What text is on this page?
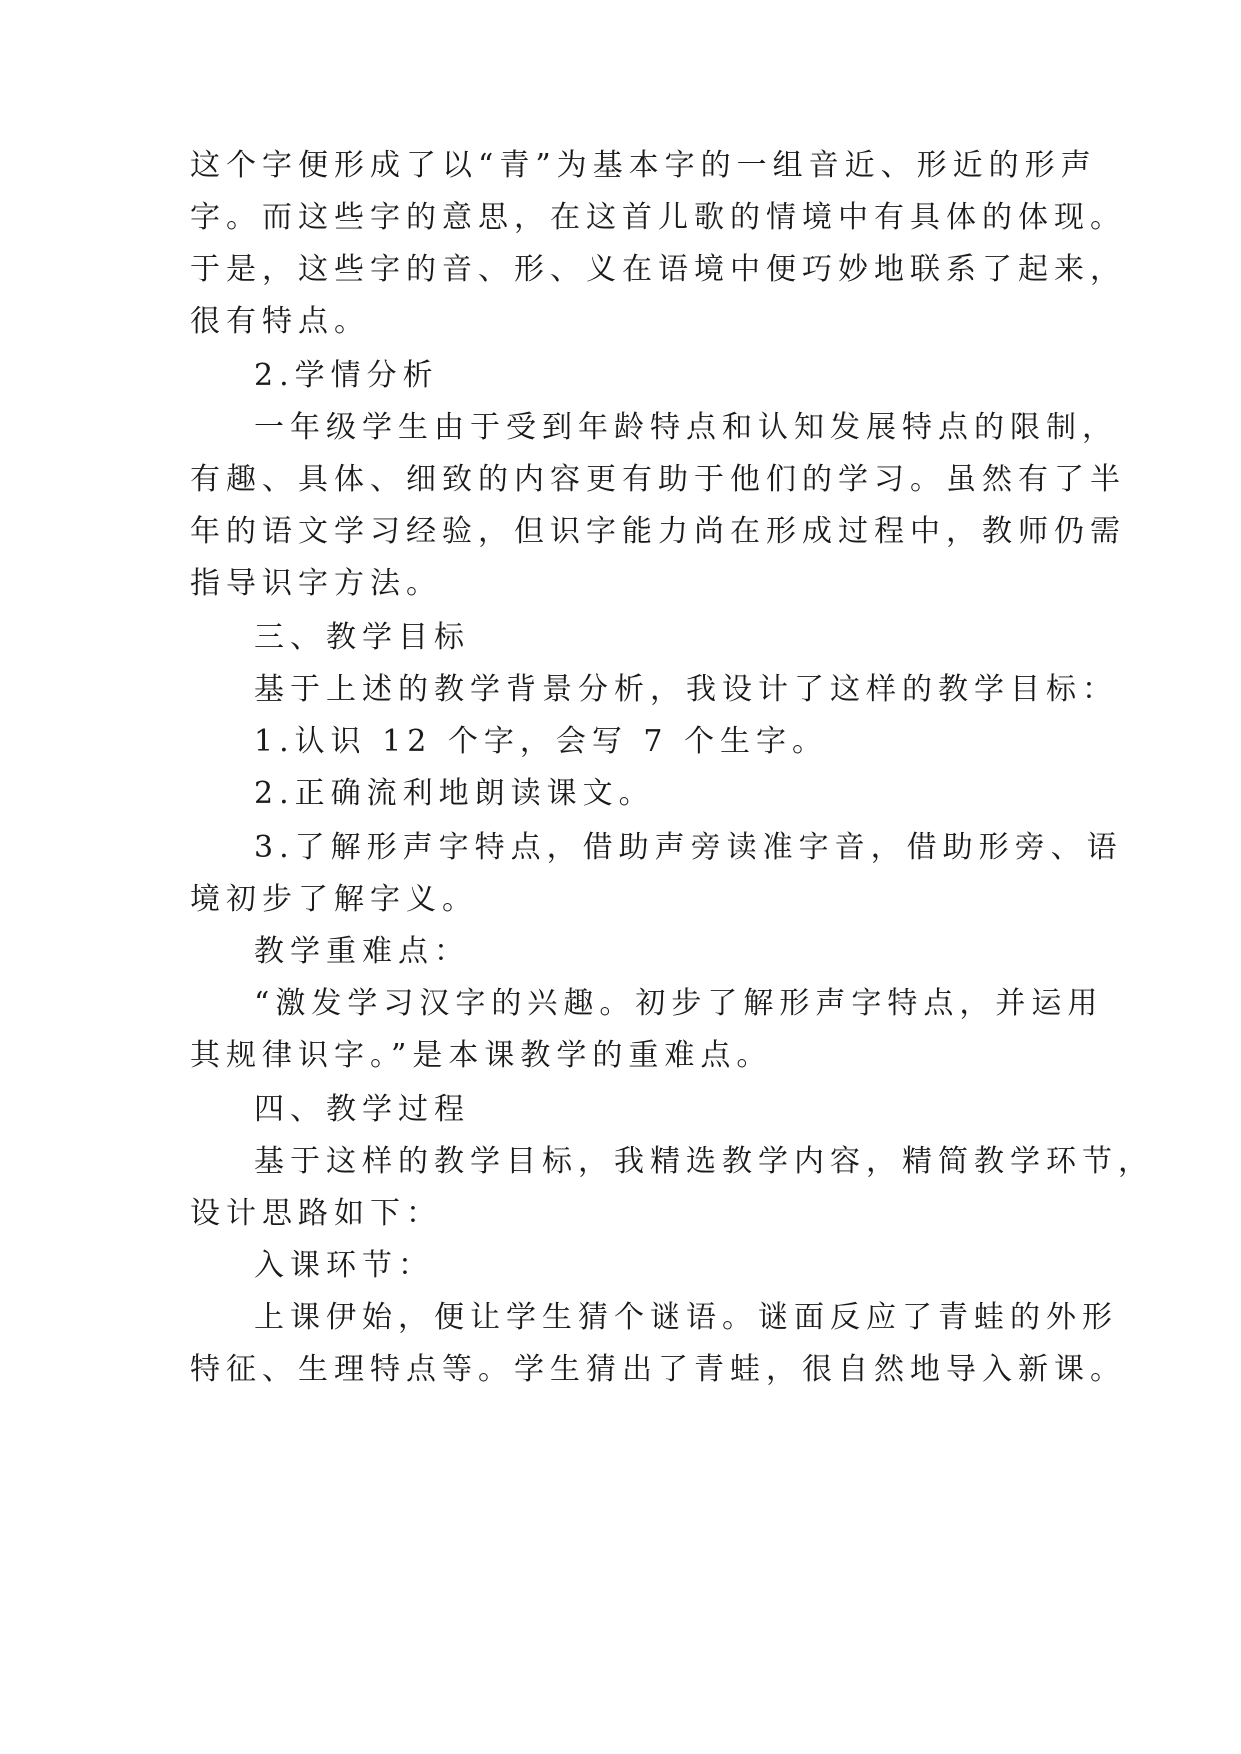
这个字便形成了以“青”为基本字的一组音近、形近的形声
字。而这些字的意思，在这首儿歌的情境中有具体的体现。
于是，这些字的音、形、义在语境中便巧妙地联系了起来，
很有特点。
2.学情分析
一年级学生由于受到年龄特点和认知发展特点的限制，
有趣、具体、细致的内容更有助于他们的学习。虽然有了半
年的语文学习经验，但识字能力尚在形成过程中，教师仍需
指导识字方法。
三、教学目标
基于上述的教学背景分析，我设计了这样的教学目标：
1.认识 12 个字，会写 7 个生字。
2.正确流利地朗读课文。
3.了解形声字特点，借助声旁读准字音，借助形旁、语
境初步了解字义。
教学重难点：
“激发学习汉字的兴趣。初步了解形声字特点，并运用
其规律识字。”是本课教学的重难点。
四、教学过程
基于这样的教学目标，我精选教学内容，精简教学环节，
设计思路如下：
入课环节：
上课伊始，便让学生猜个谜语。谜面反应了青蛙的外形
特征、生理特点等。学生猜出了青蛙，很自然地导入新课。
